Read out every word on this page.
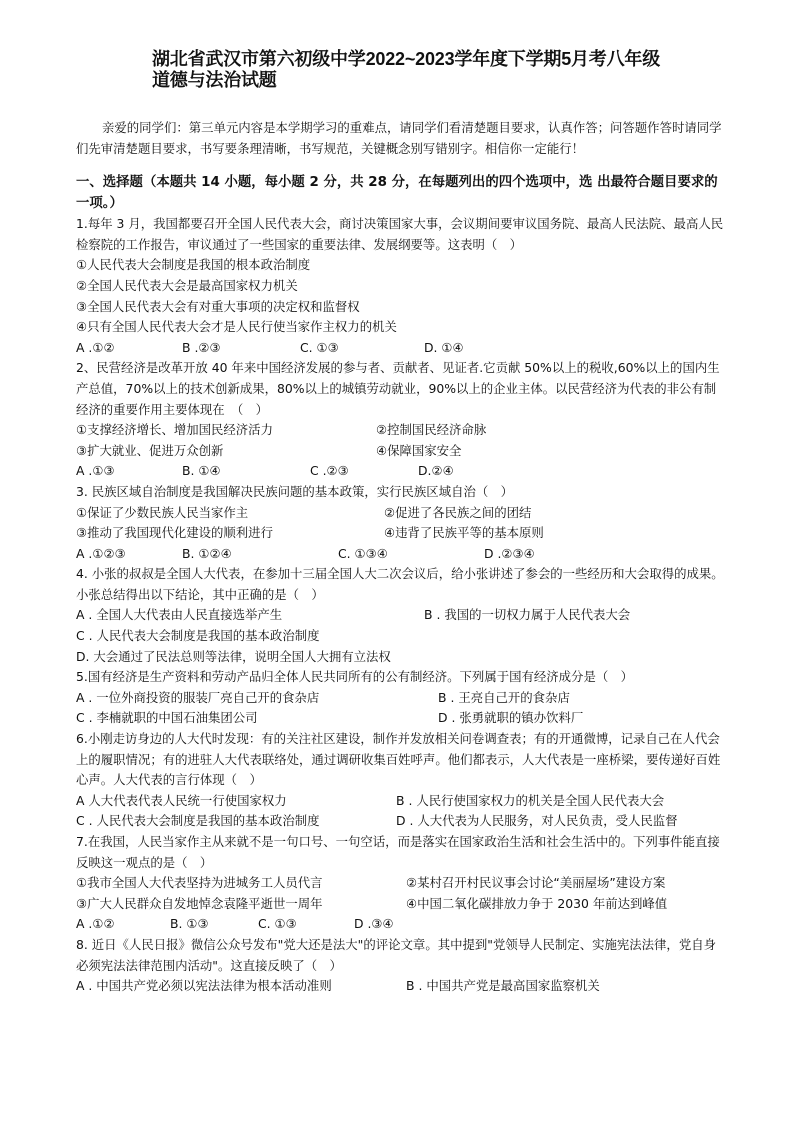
湖北省武汉市第六初级中学2022~2023学年度下学期5月考八年级道德与法治试题

亲爱的同学们：第三单元内容是本学期学习的重难点，请同学们看清楚题目要求，认真作答；问答题作答时请同学们先审清楚题目要求，书写要条理清晰，书写规范，关键概念别写错别字。相信你一定能行！

一、选择题（本题共 14 小题，每小题 2 分，共 28 分，在每题列出的四个选项中，选 出最符合题目要求的一项。）

1.每年 3 月，我国都要召开全国人民代表大会，商讨决策国家大事，会议期间要审议国务院、最高人民法院、最高人民检察院的工作报告，审议通过了一些国家的重要法律、发展纲要等。这表明（　）

①人民代表大会制度是我国的根本政治制度

②全国人民代表大会是最高国家权力机关

③全国人民代表大会有对重大事项的决定权和监督权

④只有全国人民代表大会才是人民行使当家作主权力的机关

A .①②	B .②③	C. ①③	D. ①④

2、民营经济是改革开放 40 年来中国经济发展的参与者、贡献者、见证者.它贡献 50%以上的税收,60%以上的国内生产总值，70%以上的技术创新成果，80%以上的城镇劳动就业，90%以上的企业主体。以民营经济为代表的非公有制经济的重要作用主要体现在　（　）

①支撑经济增长、增加国民经济活力	②控制国民经济命脉
③扩大就业、促进万众创新	④保障国家安全
A .①③	B. ①④	C .②③	D.②④

3. 民族区域自治制度是我国解决民族问题的基本政策，实行民族区域自治（　）

①保证了少数民族人民当家作主	②促进了各民族之间的团结
③推动了我国现代化建设的顺利进行	④违背了民族平等的基本原则
A .①②③	B. ①②④	C. ①③④	D .②③④

4. 小张的叔叔是全国人大代表，在参加十三届全国人大二次会议后，给小张讲述了参会的一些经历和大会取得的成果。小张总结得出以下结论，其中正确的是（　）

A . 全国人大代表由人民直接选举产生	B . 我国的一切权力属于人民代表大会

C . 人民代表大会制度是我国的基本政治制度

D. 大会通过了民法总则等法律，说明全国人大拥有立法权

5.国有经济是生产资料和劳动产品归全体人民共同所有的公有制经济。下列属于国有经济成分是（　）

A . 一位外商投资的服装厂亮自己开的食杂店	B . 王亮自己开的食杂店
C . 李楠就职的中国石油集团公司	D . 张勇就职的镇办饮料厂

6.小刚走访身边的人大代时发现：有的关注社区建设，制作并发放相关问卷调查表；有的开通微博，记录自己在人代会上的履职情况；有的进驻人大代表联络处，通过调研收集百姓呼声。他们都表示，人大代表是一座桥梁，要传递好百姓心声。人大代表的言行体现（　）

A 人大代表代表人民统一行使国家权力	B . 人民行使国家权力的机关是全国人民代表大会
C . 人民代表大会制度是我国的基本政治制度	D . 人大代表为人民服务，对人民负责，受人民监督

7.在我国，人民当家作主从来就不是一句口号、一句空话，而是落实在国家政治生活和社会生活中的。下列事件能直接反映这一观点的是（　）

①我市全国人大代表坚持为进城务工人员代言	②某村召开村民议事会讨论“美丽屋场”建设方案
③广大人民群众自发地悼念袁隆平逝世一周年	④中国二氧化碳排放力争于 2030 年前达到峰值
A .①②	B. ①③	C. ①③	D .③④

8. 近日《人民日报》微信公众号发布"党大还是法大"的评论文章。其中提到"党领导人民制定、实施宪法法律，党自身必须宪法法律范围内活动"。这直接反映了（　）

A . 中国共产党必须以宪法法律为根本活动准则	B . 中国共产党是最高国家监察机关
